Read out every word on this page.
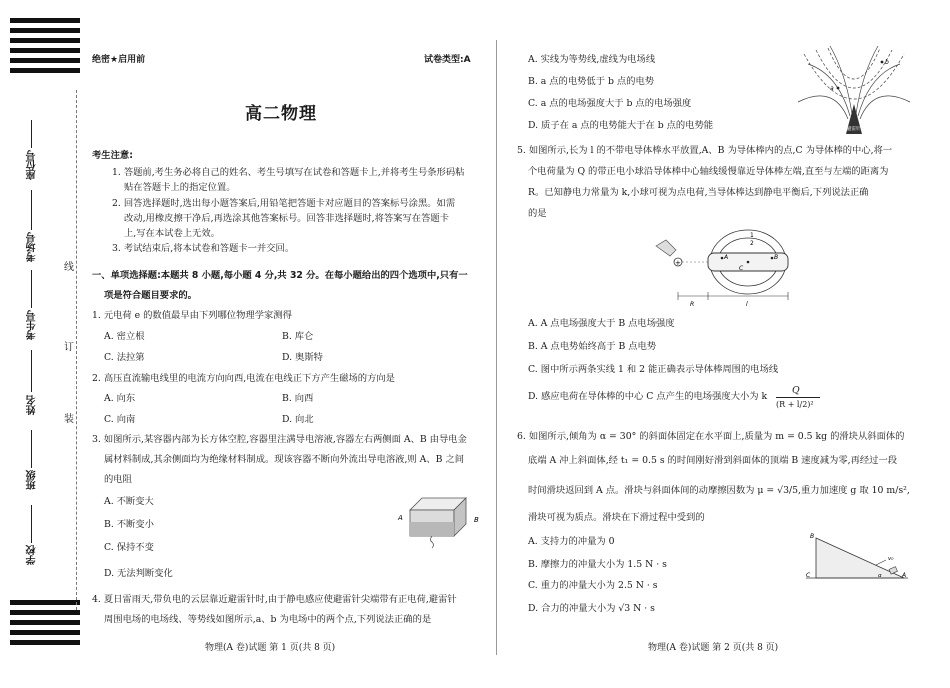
座位号
考场号
考生号
姓名
班级
学校
线
订
装
绝密★启用前	试卷类型:A
高二物理
考生注意:
1. 答题前,考生务必将自己的姓名、考生号填写在试卷和答题卡上,并将考生号条形码粘
贴在答题卡上的指定位置。
2. 回答选择题时,选出每小题答案后,用铅笔把答题卡对应题目的答案标号涂黑。如需
改动,用橡皮擦干净后,再选涂其他答案标号。回答非选择题时,将答案写在答题卡
上,写在本试卷上无效。
3. 考试结束后,将本试卷和答题卡一并交回。
一、单项选择题:本题共 8 小题,每小题 4 分,共 32 分。在每小题给出的四个选项中,只有一
项是符合题目要求的。
1. 元电荷 e 的数值最早由下列哪位物理学家测得
A. 密立根	B. 库仑
C. 法拉第	D. 奥斯特
2. 高压直流输电线里的电流方向向西,电流在电线正下方产生磁场的方向是
A. 向东	B. 向西
C. 向南	D. 向北
3. 如图所示,某容器内部为长方体空腔,容器里注满导电溶液,容器左右两侧面 A、B 由导电金
属材料制成,其余侧面均为绝缘材料制成。现该容器不断向外流出导电溶液,则 A、B 之间
的电阻
A. 不断变大
B. 不断变小
C. 保持不变
D. 无法判断变化
A	B
4. 夏日雷雨天,带负电的云层靠近避雷针时,由于静电感应使避雷针尖端带有正电荷,避雷针
周围电场的电场线、等势线如图所示,a、b 为电场中的两个点,下列说法正确的是
物理(A 卷)试题 第 1 页(共 8 页)
A. 实线为等势线,虚线为电场线
B. a 点的电势低于 b 点的电势
C. a 点的电场强度大于 b 点的电场强度
D. 质子在 a 点的电势能大于在 b 点的电势能	避雷针
a
b
5. 如图所示,长为 l 的不带电导体棒水平放置,A、B 为导体棒内的点,C 为导体棒的中心,将一
个电荷量为 Q 的带正电小球沿导体棒中心轴线缓慢靠近导体棒左端,直至与左端的距离为
R。已知静电力常量为 k,小球可视为点电荷,当导体棒达到静电平衡后,下列说法正确
的是
+
A
C
B
1
2
R	l
A. A 点电场强度大于 B 点电场强度
B. A 点电势始终高于 B 点电势
C. 图中所示两条实线 1 和 2 能正确表示导体棒周围的电场线
D. 感应电荷在导体棒的中心 C 点产生的电场强度大小为 k
Q
(R + l/2)²
6. 如图所示,倾角为 α = 30° 的斜面体固定在水平面上,质量为 m = 0.5 kg 的滑块从斜面体的
底端 A 冲上斜面体,经 t₁ = 0.5 s 的时间刚好滑到斜面体的顶端 B 速度减为零,再经过一段
时间滑块返回到 A 点。滑块与斜面体间的动摩擦因数为 μ = √3/5,重力加速度 g 取 10 m/s²,
滑块可视为质点。滑块在下滑过程中受到的
A. 支持力的冲量为 0
B. 摩擦力的冲量大小为 1.5 N · s
C. 重力的冲量大小为 2.5 N · s
D. 合力的冲量大小为 √3 N · s
v₀
B
C	α	A
物理(A 卷)试题 第 2 页(共 8 页)
